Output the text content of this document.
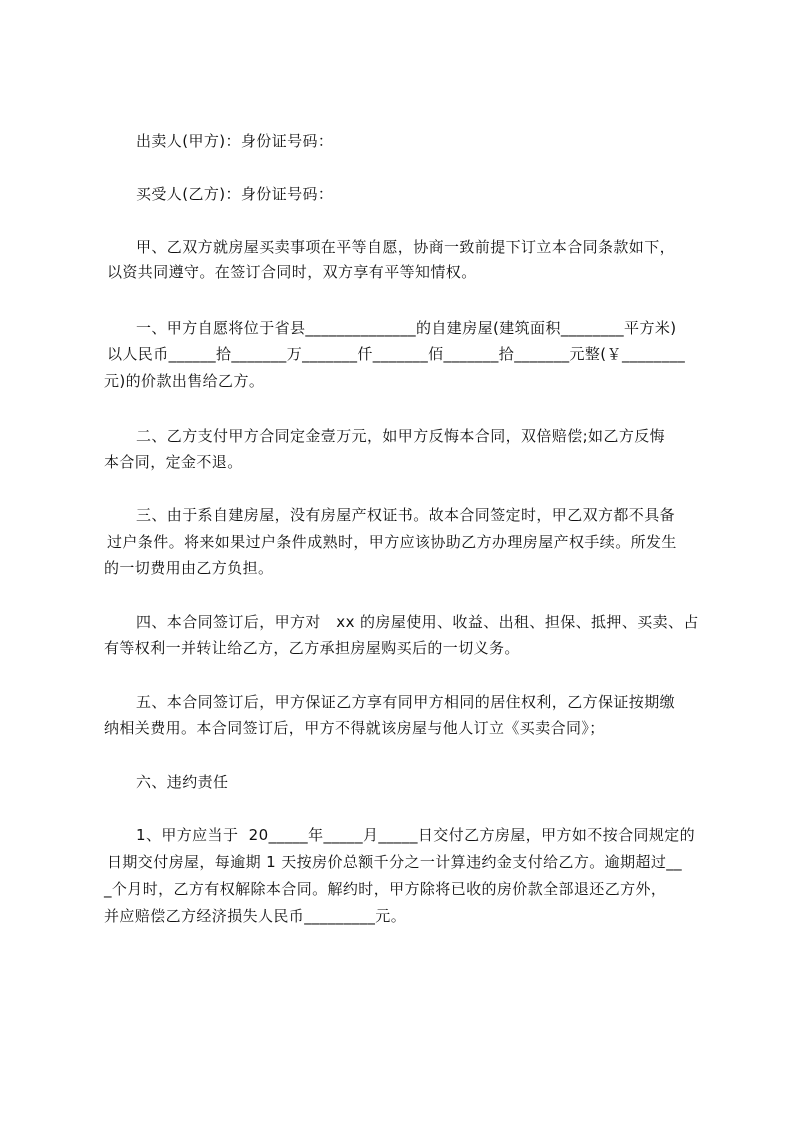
出卖人(甲方)：身份证号码：
买受人(乙方)：身份证号码：
甲、乙双方就房屋买卖事项在平等自愿，协商一致前提下订立本合同条款如下，
以资共同遵守。在签订合同时，双方享有平等知情权。
一、甲方自愿将位于省县______________的自建房屋(建筑面积________平方米)
以人民币______拾_______万_______仟_______佰_______拾_______元整(￥________
元)的价款出售给乙方。
二、乙方支付甲方合同定金壹万元，如甲方反悔本合同，双倍赔偿;如乙方反悔
本合同，定金不退。
三、由于系自建房屋，没有房屋产权证书。故本合同签定时，甲乙双方都不具备
过户条件。将来如果过户条件成熟时，甲方应该协助乙方办理房屋产权手续。所发生
的一切费用由乙方负担。
四、本合同签订后，甲方对   xx 的房屋使用、收益、出租、担保、抵押、买卖、占
有等权利一并转让给乙方，乙方承担房屋购买后的一切义务。
五、本合同签订后，甲方保证乙方享有同甲方相同的居住权利，乙方保证按期缴
纳相关费用。本合同签订后，甲方不得就该房屋与他人订立《买卖合同》；
六、违约责任
1、甲方应当于  20_____年_____月_____日交付乙方房屋，甲方如不按合同规定的
日期交付房屋，每逾期 1 天按房价总额千分之一计算违约金支付给乙方。逾期超过__
_个月时，乙方有权解除本合同。解约时，甲方除将已收的房价款全部退还乙方外，
并应赔偿乙方经济损失人民币_________元。
